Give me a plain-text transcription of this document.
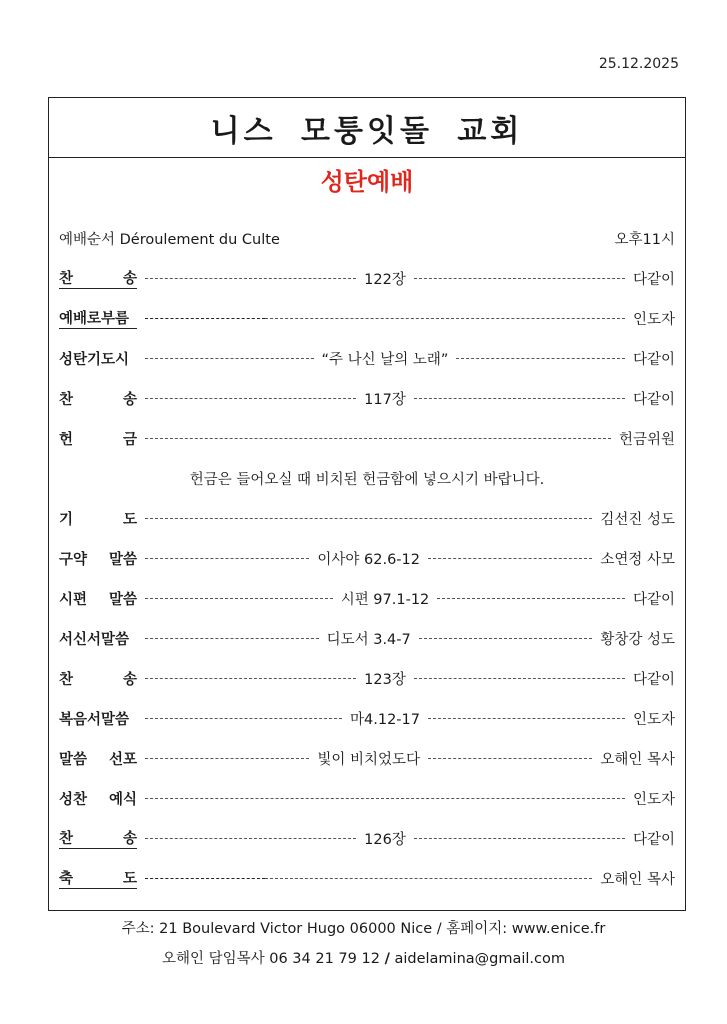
25.12.2025
니스 모퉁잇돌 교회
성탄예배
예배순서 Déroulement du Culte	오후11시
찬	송	122장	다같이
예배로부름	인도자
성탄기도시	“주 나신 날의 노래”	다같이
찬	송	117장	다같이
헌	금	헌금위원
기	도	김선진 성도
구약 말씀	이사야 62.6-12	소연정 사모
시편 말씀	시편 97.1-12	다같이
서신서말씀	디도서 3.4-7	황창강 성도
찬	송	123장	다같이
복음서말씀	마4.12-17	인도자
말씀 선포	빛이 비치었도다	오해인 목사
성찬 예식	인도자
찬	송	126장	다같이
축	도	오해인 목사
헌금은 들어오실 때 비치된 헌금함에 넣으시기 바랍니다.
주소: 21 Boulevard Victor Hugo 06000 Nice / 홈페이지: www.enice.fr
오해인 담임목사 06 34 21 79 12 / aidelamina@gmail.com
